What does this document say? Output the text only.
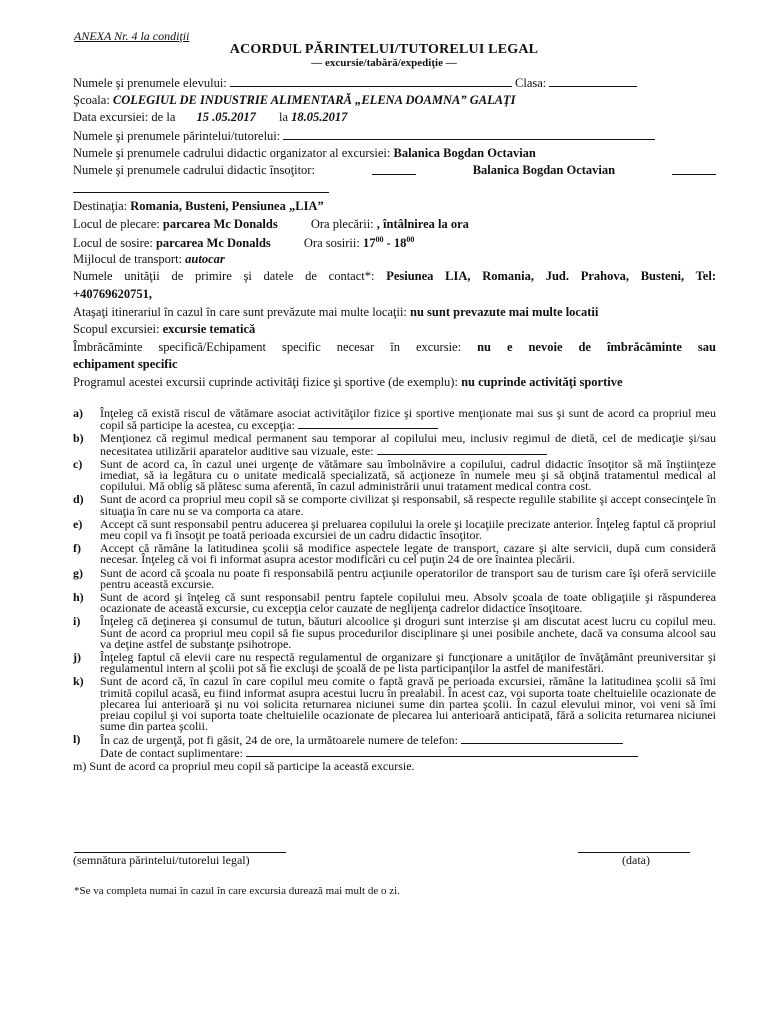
ANEXA Nr. 4 la condiţii
ACORDUL PĂRINTELUI/TUTORELUI LEGAL
— excursie/tabără/expediţie —
Numele şi prenumele elevului:	Clasa:
Şcoala: COLEGIUL DE INDUSTRIE ALIMENTARĂ „ELENA DOAMNA” GALAŢI
Data excursiei: de la 15 .05.2017 la 18.05.2017
Numele şi prenumele părintelui/tutorelui:
Numele şi prenumele cadrului didactic organizator al excursiei: Balanica Bogdan Octavian
Numele şi prenumele cadrului didactic însoţitor:	Balanica Bogdan Octavian
Destinaţia: Romania, Busteni, Pensiunea „LIA”
Locul de plecare: parcarea Mc Donalds	Ora plecării: , întâlnirea la ora
Locul de sosire: parcarea Mc Donalds	Ora sosirii: $17^{00} - 18^{00}$
Mijlocul de transport: autocar
Numele unităţii de primire şi datele de contact*: Pesiunea LIA, Romania, Jud. Prahova, Busteni, Tel:
+40769620751,
Ataşaţi itinerariul în cazul în care sunt prevăzute mai multe locaţii: nu sunt prevazute mai multe locatii
Scopul excursiei: excursie tematică
Îmbrăcăminte specifică/Echipament specific necesar în excursie: nu e nevoie de îmbrăcăminte sau
echipament specific
Programul acestei excursii cuprinde activităţi fizice şi sportive (de exemplu): nu cuprinde activităţi sportive
a) Înţeleg că există riscul de vătămare asociat activităţilor fizice şi sportive menţionate mai sus şi sunt de acord ca propriul meu copil să participe la acestea, cu excepţia:
b) Menţionez că regimul medical permanent sau temporar al copilului meu, inclusiv regimul de dietă, cel de medicaţie şi/sau necesitatea utilizării aparatelor auditive sau vizuale, este:
c) Sunt de acord ca, în cazul unei urgenţe de vătămare sau îmbolnăvire a copilului, cadrul didactic însoţitor să mă înştiinţeze imediat, să ia legătura cu o unitate medicală specializată, să acţioneze în numele meu şi să obţină tratamentul medical al copilului. Mă oblig să plătesc suma aferentă, în cazul administrării unui tratament medical contra cost.
d) Sunt de acord ca propriul meu copil să se comporte civilizat şi responsabil, să respecte regulile stabilite şi accept consecinţele în situaţia în care nu se va comporta ca atare.
e) Accept că sunt responsabil pentru aducerea şi preluarea copilului la orele şi locaţiile precizate anterior. Înţeleg faptul că propriul meu copil va fi însoţit pe toată perioada excursiei de un cadru didactic însoţitor.
f) Accept că rămâne la latitudinea şcolii să modifice aspectele legate de transport, cazare şi alte servicii, după cum consideră necesar. Înţeleg că voi fi informat asupra acestor modificări cu cel puţin 24 de ore înaintea plecării.
g) Sunt de acord că şcoala nu poate fi responsabilă pentru acţiunile operatorilor de transport sau de turism care îşi oferă serviciile pentru această excursie.
h) Sunt de acord şi înţeleg că sunt responsabil pentru faptele copilului meu. Absolv şcoala de toate obligaţiile şi răspunderea ocazionate de această excursie, cu excepţia celor cauzate de neglijenţa cadrelor didactice însoţitoare.
i) Înţeleg că deţinerea şi consumul de tutun, băuturi alcoolice şi droguri sunt interzise şi am discutat acest lucru cu copilul meu. Sunt de acord ca propriul meu copil să fie supus procedurilor disciplinare şi unei posibile anchete, dacă va consuma alcool sau va deţine astfel de substanţe psihotrope.
j) Înţeleg faptul că elevii care nu respectă regulamentul de organizare şi funcţionare a unităţilor de învăţământ preuniversitar şi regulamentul intern al şcolii pot să fie excluşi de şcoală de pe lista participanţilor la astfel de manifestări.
k) Sunt de acord că, în cazul în care copilul meu comite o faptă gravă pe perioada excursiei, rămâne la latitudinea şcolii să îmi trimită copilul acasă, eu fiind informat asupra acestui lucru în prealabil. În acest caz, voi suporta toate cheltuielile ocazionate de plecarea lui anterioară şi nu voi solicita returnarea niciunei sume din partea şcolii. În cazul elevului minor, voi veni să îmi preiau copilul şi voi suporta toate cheltuielile ocazionate de plecarea lui anterioară anticipată, fără a solicita returnarea niciunei sume din partea şcolii.
l) În caz de urgenţă, pot fi găsit, 24 de ore, la următoarele numere de telefon:
Date de contact suplimentare:
m) Sunt de acord ca propriul meu copil să participe la această excursie.
(semnătura părintelui/tutorelui legal)	(data)
*Se va completa numai în cazul în care excursia durează mai mult de o zi.
